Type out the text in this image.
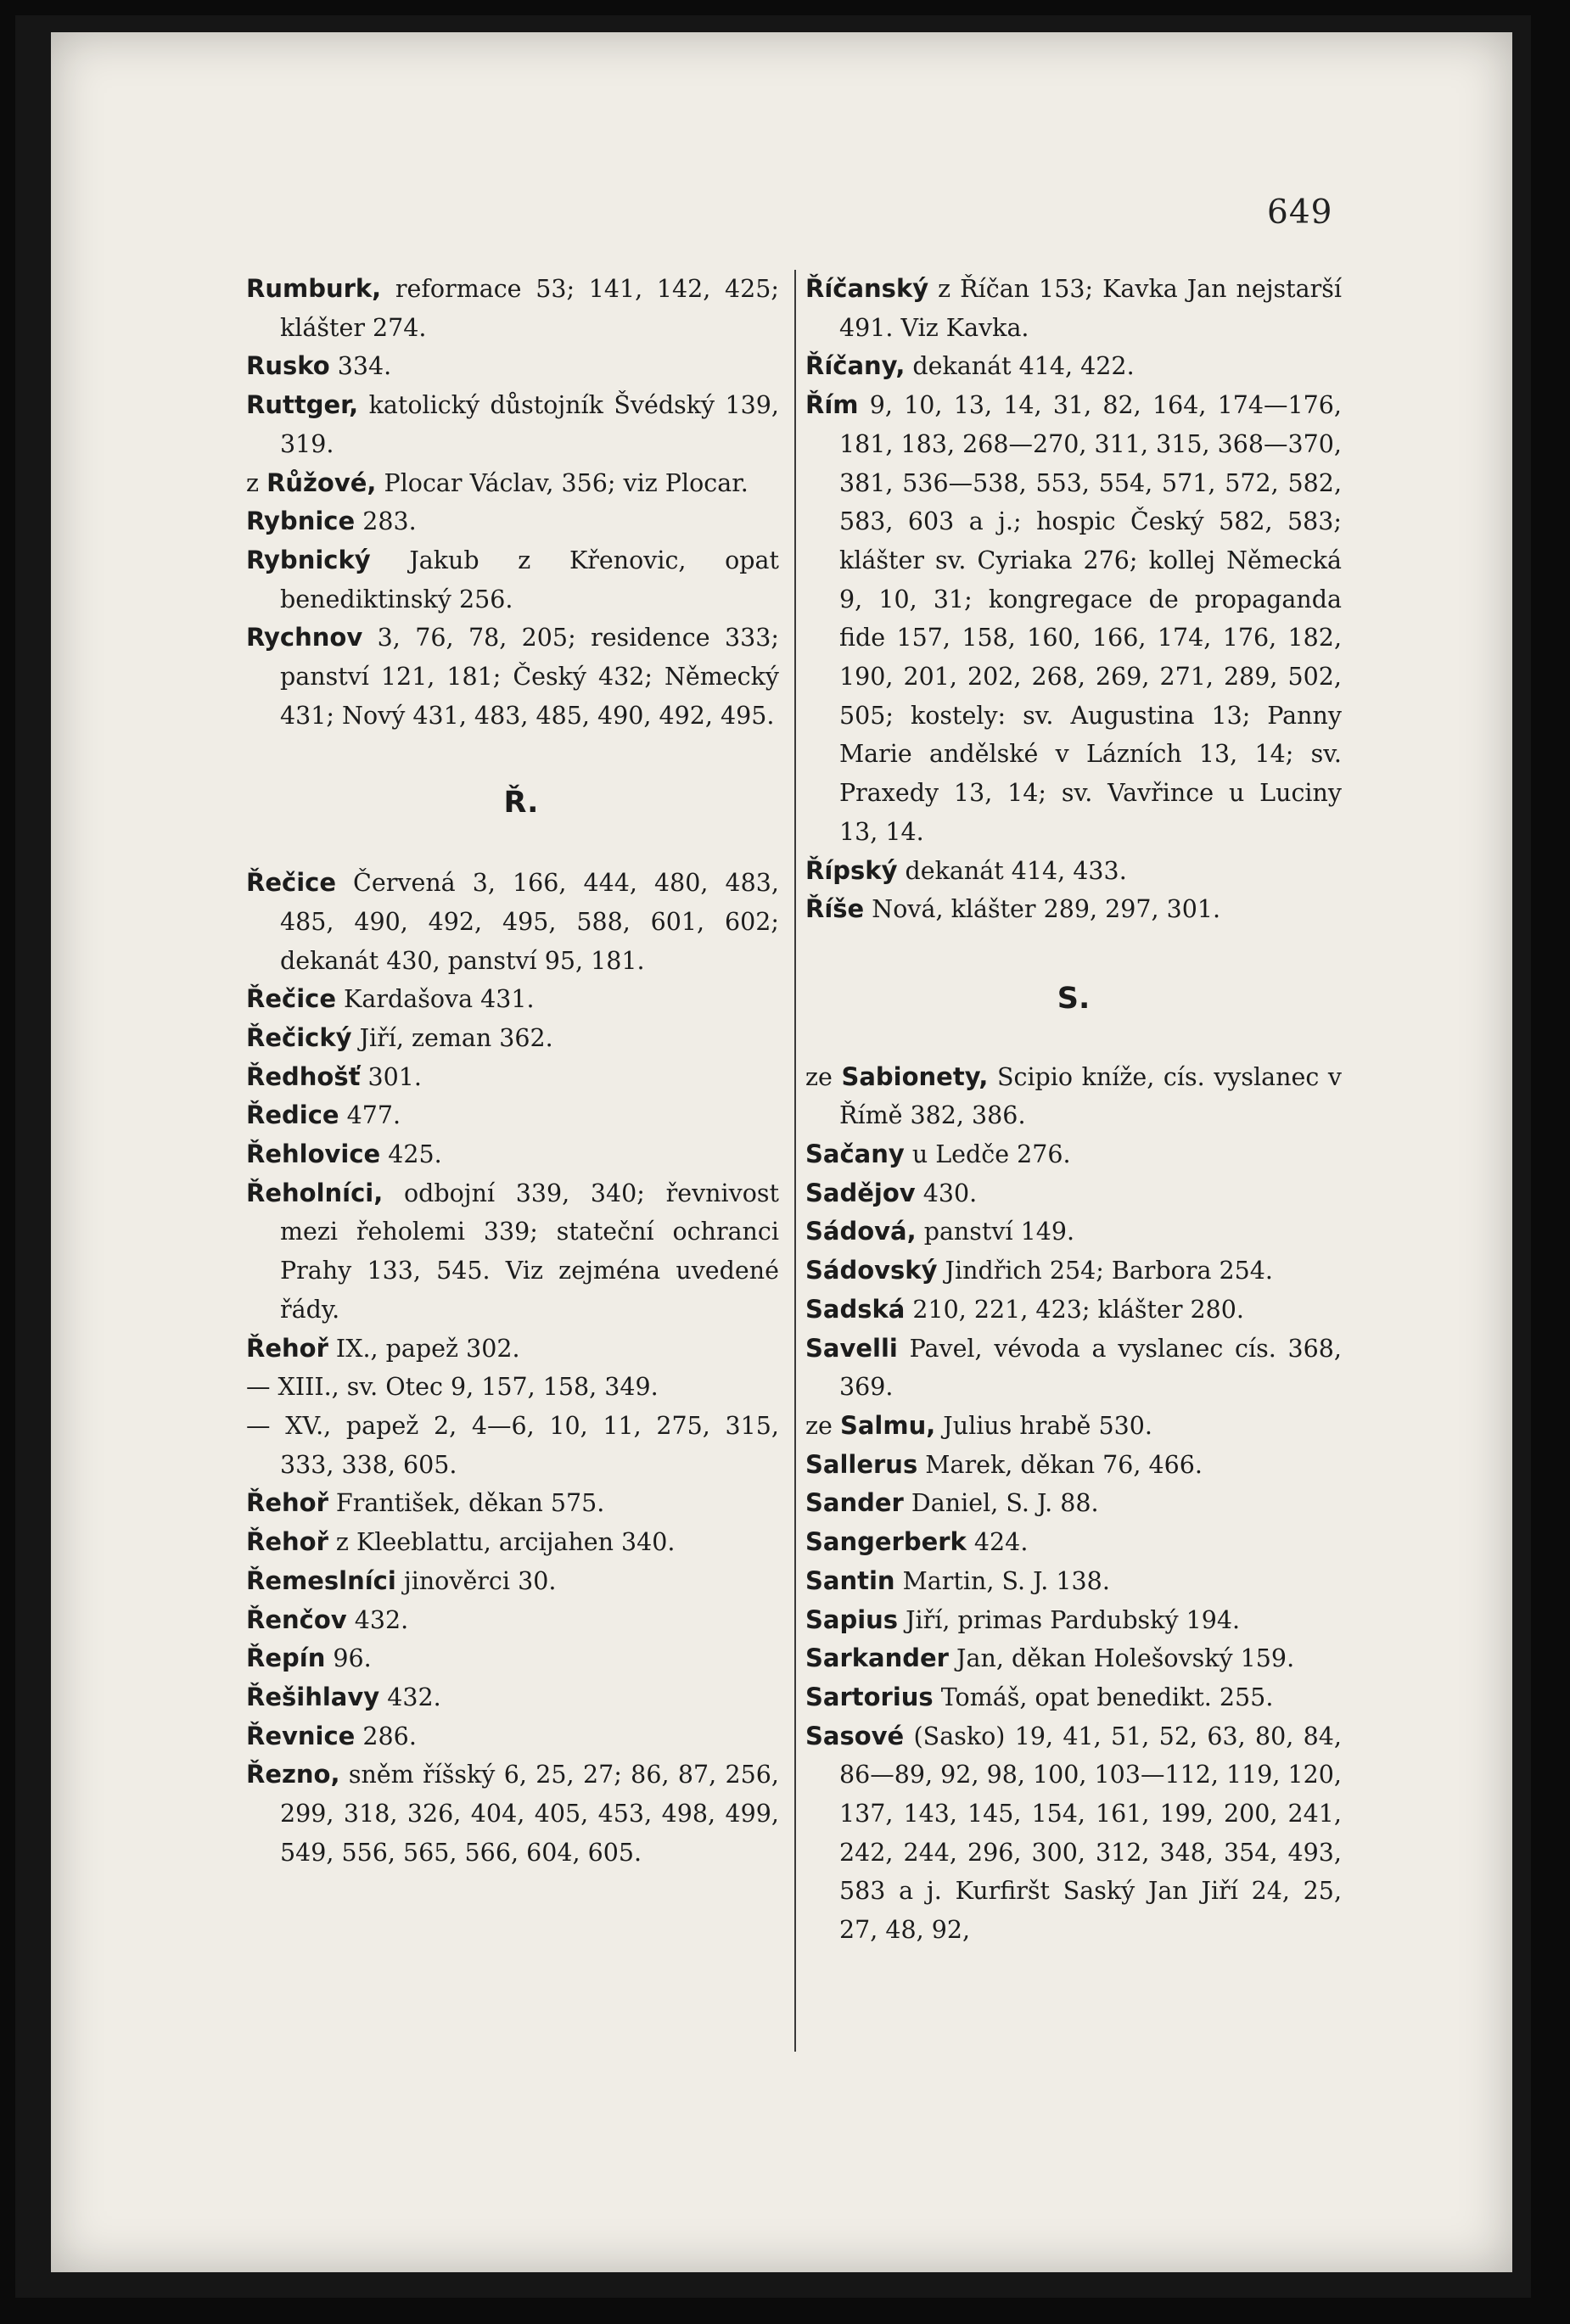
649

Rumburk, reformace 53; 141, 142, 425; klášter 274.

Rusko 334.

Ruttger, katolický důstojník Švédský 139, 319.

z Růžové, Plocar Václav, 356; viz Plocar.

Rybnice 283.

Rybnický Jakub z Křenovic, opat benediktinský 256.

Rychnov 3, 76, 78, 205; residence 333; panství 121, 181; Český 432; Německý 431; Nový 431, 483, 485, 490, 492, 495.

Ř.

Řečice Červená 3, 166, 444, 480, 483, 485, 490, 492, 495, 588, 601, 602; dekanát 430, panství 95, 181.

Řečice Kardašova 431.

Řečický Jiří, zeman 362.

Ředhošť 301.

Ředice 477.

Řehlovice 425.

Řeholníci, odbojní 339, 340; řevnivost mezi řeholemi 339; stateční ochranci Prahy 133, 545. Viz zejména uvedené řády.

Řehoř IX., papež 302.

— XIII., sv. Otec 9, 157, 158, 349.

— XV., papež 2, 4—6, 10, 11, 275, 315, 333, 338, 605.

Řehoř František, děkan 575.

Řehoř z Kleeblattu, arcijahen 340.

Řemeslníci jinověrci 30.

Řenčov 432.

Řepín 96.

Řešihlavy 432.

Řevnice 286.

Řezno, sněm říšský 6, 25, 27; 86, 87, 256, 299, 318, 326, 404, 405, 453, 498, 499, 549, 556, 565, 566, 604, 605.

Říčanský z Říčan 153; Kavka Jan nejstarší 491. Viz Kavka.

Říčany, dekanát 414, 422.

Řím 9, 10, 13, 14, 31, 82, 164, 174—176, 181, 183, 268—270, 311, 315, 368—370, 381, 536—538, 553, 554, 571, 572, 582, 583, 603 a j.; hospic Český 582, 583; klášter sv. Cyriaka 276; kollej Německá 9, 10, 31; kongregace de propaganda fide 157, 158, 160, 166, 174, 176, 182, 190, 201, 202, 268, 269, 271, 289, 502, 505; kostely: sv. Augustina 13; Panny Marie andělské v Lázních 13, 14; sv. Praxedy 13, 14; sv. Vavřince u Luciny 13, 14.

Řípský dekanát 414, 433.

Říše Nová, klášter 289, 297, 301.

S.

ze Sabionety, Scipio kníže, cís. vyslanec v Římě 382, 386.

Sačany u Ledče 276.

Sadějov 430.

Sádová, panství 149.

Sádovský Jindřich 254; Barbora 254.

Sadská 210, 221, 423; klášter 280.

Savelli Pavel, vévoda a vyslanec cís. 368, 369.

ze Salmu, Julius hrabě 530.

Sallerus Marek, děkan 76, 466.

Sander Daniel, S. J. 88.

Sangerberk 424.

Santin Martin, S. J. 138.

Sapius Jiří, primas Pardubský 194.

Sarkander Jan, děkan Holešovský 159.

Sartorius Tomáš, opat benedikt. 255.

Sasové (Sasko) 19, 41, 51, 52, 63, 80, 84, 86—89, 92, 98, 100, 103—112, 119, 120, 137, 143, 145, 154, 161, 199, 200, 241, 242, 244, 296, 300, 312, 348, 354, 493, 583 a j. Kurfiršt Saský Jan Jiří 24, 25, 27, 48, 92,
